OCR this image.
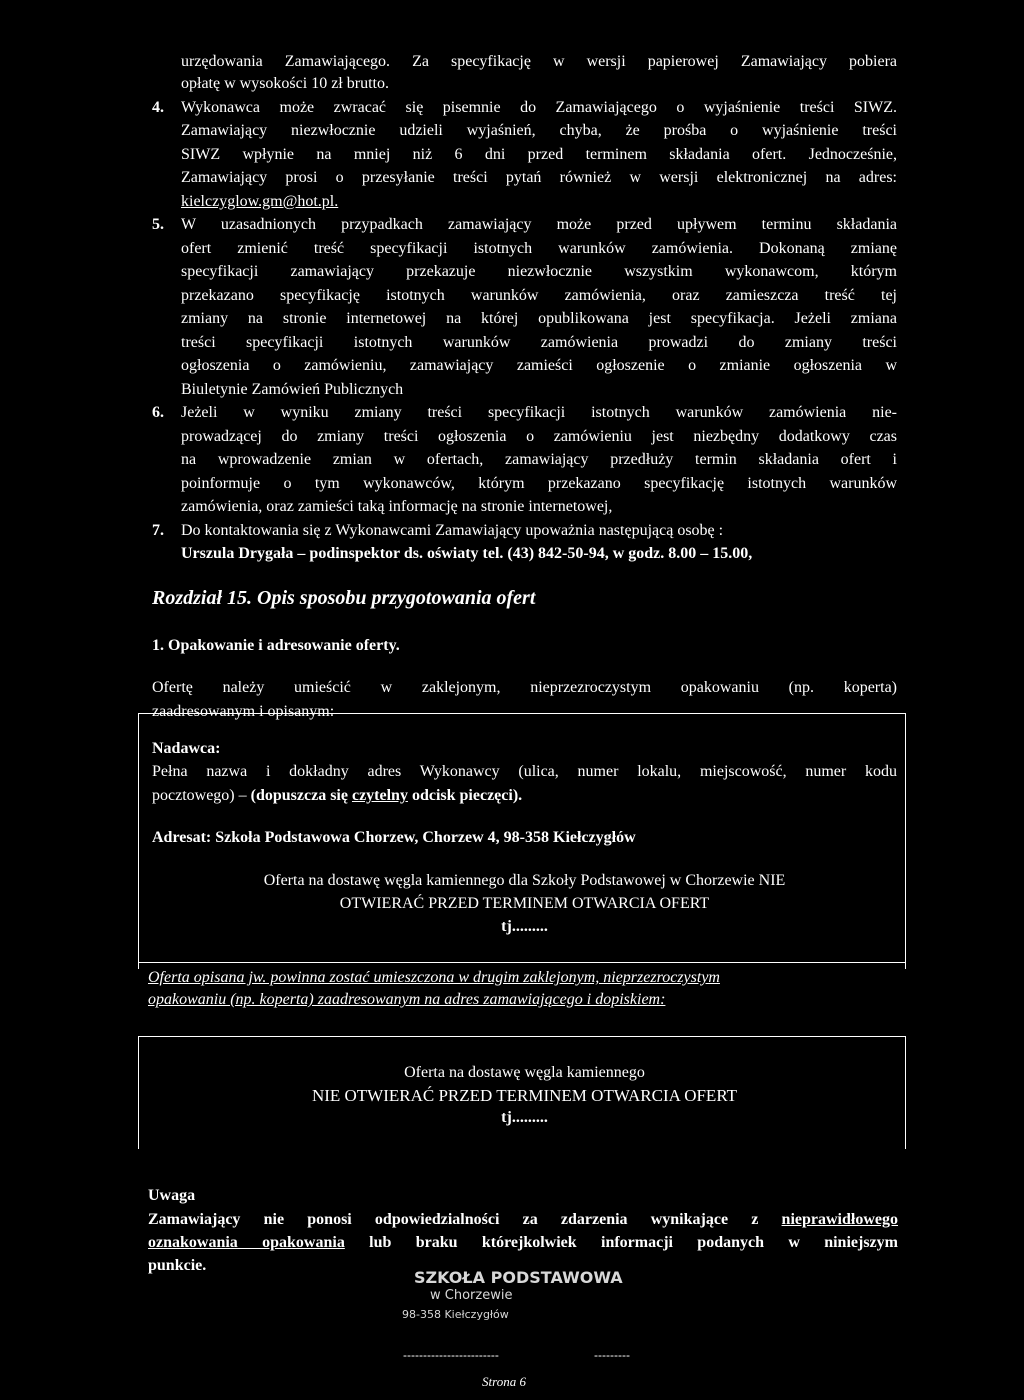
urzędowania Zamawiającego. Za specyfikację w wersji papierowej Zamawiający pobiera
opłatę w wysokości 10 zł brutto.
4. Wykonawca może zwracać się pisemnie do Zamawiającego o wyjaśnienie treści SIWZ.
Zamawiający niezwłocznie udzieli wyjaśnień, chyba, że prośba o wyjaśnienie treści
SIWZ wpłynie na mniej niż 6 dni przed terminem składania ofert. Jednocześnie,
Zamawiający prosi o przesyłanie treści pytań również w wersji elektronicznej na adres:
kielczyglow.gm@hot.pl.
5. W uzasadnionych przypadkach zamawiający może przed upływem terminu składania
ofert zmienić treść specyfikacji istotnych warunków zamówienia. Dokonaną zmianę
specyfikacji zamawiający przekazuje niezwłocznie wszystkim wykonawcom, którym
przekazano specyfikację istotnych warunków zamówienia, oraz zamieszcza treść tej
zmiany na stronie internetowej na której opublikowana jest specyfikacja. Jeżeli zmiana
treści specyfikacji istotnych warunków zamówienia prowadzi do zmiany treści
ogłoszenia o zamówieniu, zamawiający zamieści ogłoszenie o zmianie ogłoszenia w
Biuletynie Zamówień Publicznych
6. Jeżeli w wyniku zmiany treści specyfikacji istotnych warunków zamówienia nie-
prowadzącej do zmiany treści ogłoszenia o zamówieniu jest niezbędny dodatkowy czas
na wprowadzenie zmian w ofertach, zamawiający przedłuży termin składania ofert i
poinformuje o tym wykonawców, którym przekazano specyfikację istotnych warunków
zamówienia, oraz zamieści taką informację na stronie internetowej,
7. Do kontaktowania się z Wykonawcami Zamawiający upoważnia następującą osobę :
Urszula Drygała – podinspektor ds. oświaty tel. (43) 842-50-94, w godz. 8.00 – 15.00,
Rozdział 15. Opis sposobu przygotowania ofert
1. Opakowanie i adresowanie oferty.
Ofertę należy umieścić w zaklejonym, nieprzezroczystym opakowaniu (np. koperta)
zaadresowanym i opisanym:
Nadawca:
Pełna nazwa i dokładny adres Wykonawcy (ulica, numer lokalu, miejscowość, numer kodu
pocztowego) – (dopuszcza się czytelny odcisk pieczęci).
Adresat: Szkoła Podstawowa Chorzew, Chorzew 4, 98-358 Kiełczygłów
Oferta na dostawę węgla kamiennego dla Szkoły Podstawowej w Chorzewie NIE
OTWIERAĆ PRZED TERMINEM OTWARCIA OFERT
tj.........
Oferta opisana jw. powinna zostać umieszczona w drugim zaklejonym, nieprzezroczystym
opakowaniu (np. koperta) zaadresowanym na adres zamawiającego i dopiskiem:
Oferta na dostawę węgla kamiennego
NIE OTWIERAĆ PRZED TERMINEM OTWARCIA OFERT
tj.........
Uwaga
Zamawiający nie ponosi odpowiedzialności za zdarzenia wynikające z nieprawidłowego
oznakowania opakowania lub braku którejkolwiek informacji podanych w niniejszym
punkcie.
SZKOŁA PODSTAWOWA
w Chorzewie
98-358 Kiełczygłów
------------------------	---------
Strona 6
